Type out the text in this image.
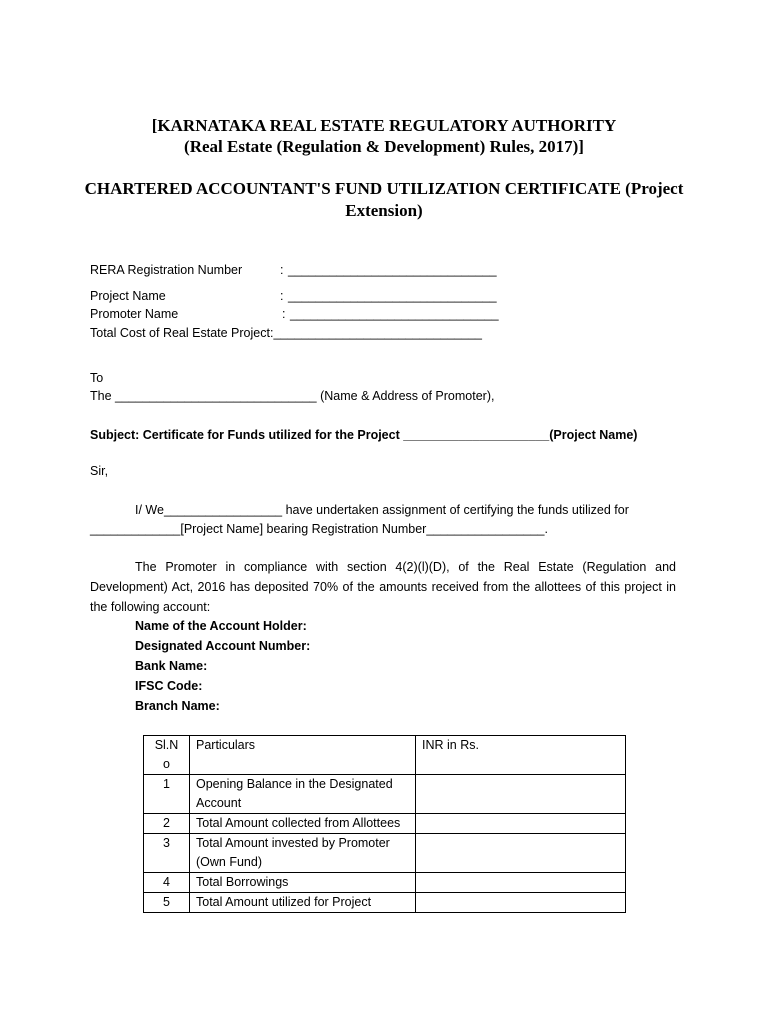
[KARNATAKA REAL ESTATE REGULATORY AUTHORITY
(Real Estate (Regulation & Development) Rules, 2017)]
CHARTERED ACCOUNTANT'S FUND UTILIZATION CERTIFICATE (Project
Extension)
RERA Registration Number	: ______________________________
Project Name	: ______________________________
Promoter Name	: ______________________________
Total Cost of Real Estate Project:______________________________
To
The _____________________________ (Name & Address of Promoter),
Subject: Certificate for Funds utilized for the Project _____________________(Project Name)
Sir,
I/ We_________________ have undertaken assignment of certifying the funds utilized for
_____________[Project Name] bearing Registration Number_________________.
The Promoter in compliance with section 4(2)(l)(D), of the Real Estate (Regulation and Development) Act, 2016 has deposited 70% of the amounts received from the allottees of this project in the following account:
Name of the Account Holder:
Designated Account Number:
Bank Name:
IFSC Code:
Branch Name:
Sl.N o	Particulars	INR in Rs.
1	Opening Balance in the Designated Account	
2	Total Amount collected from Allottees	
3	Total Amount invested by Promoter (Own Fund)	
4	Total Borrowings	
5	Total Amount utilized for Project	
